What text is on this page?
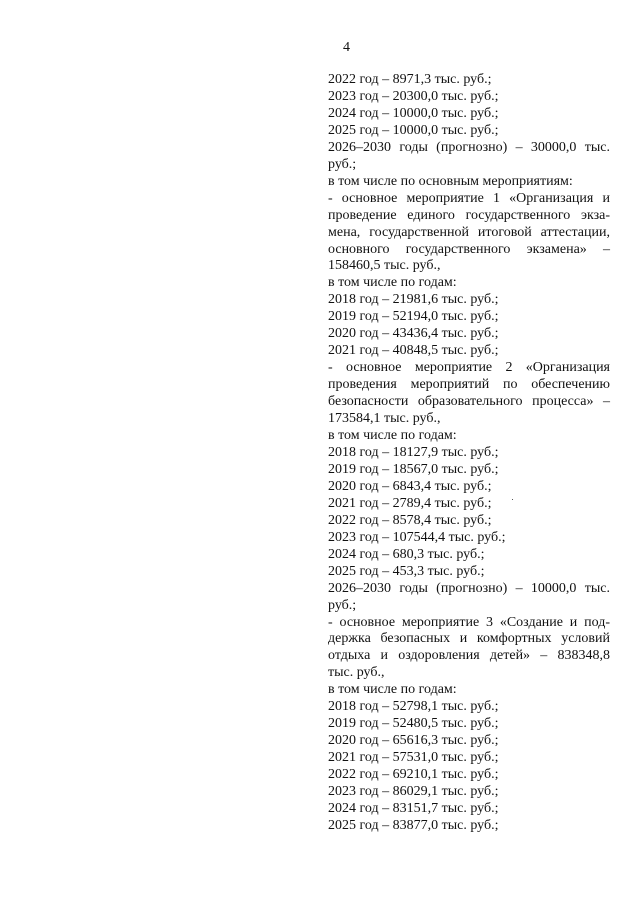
4
2022 год – 8971,3 тыс. руб.;
2023 год – 20300,0 тыс. руб.;
2024 год – 10000,0 тыс. руб.;
2025 год – 10000,0 тыс. руб.;
2026–2030 годы (прогнозно) – 30000,0 тыс.
руб.;
в том числе по основным мероприятиям:
- основное мероприятие 1 «Организация и
проведение единого государственного экза-
мена, государственной итоговой аттестации,
основного государственного экзамена» –
158460,5 тыс. руб.,
в том числе по годам:
2018 год – 21981,6 тыс. руб.;
2019 год – 52194,0 тыс. руб.;
2020 год – 43436,4 тыс. руб.;
2021 год – 40848,5 тыс. руб.;
- основное мероприятие 2 «Организация
проведения мероприятий по обеспечению
безопасности образовательного процесса» –
173584,1 тыс. руб.,
в том числе по годам:
2018 год – 18127,9 тыс. руб.;
2019 год – 18567,0 тыс. руб.;
2020 год – 6843,4 тыс. руб.;
2021 год – 2789,4 тыс. руб.;
2022 год – 8578,4 тыс. руб.;
2023 год – 107544,4 тыс. руб.;
2024 год – 680,3 тыс. руб.;
2025 год – 453,3 тыс. руб.;
2026–2030 годы (прогнозно) – 10000,0 тыс.
руб.;
- основное мероприятие 3 «Создание и под-
держка безопасных и комфортных условий
отдыха и оздоровления детей» – 838348,8
тыс. руб.,
в том числе по годам:
2018 год – 52798,1 тыс. руб.;
2019 год – 52480,5 тыс. руб.;
2020 год – 65616,3 тыс. руб.;
2021 год – 57531,0 тыс. руб.;
2022 год – 69210,1 тыс. руб.;
2023 год – 86029,1 тыс. руб.;
2024 год – 83151,7 тыс. руб.;
2025 год – 83877,0 тыс. руб.;
